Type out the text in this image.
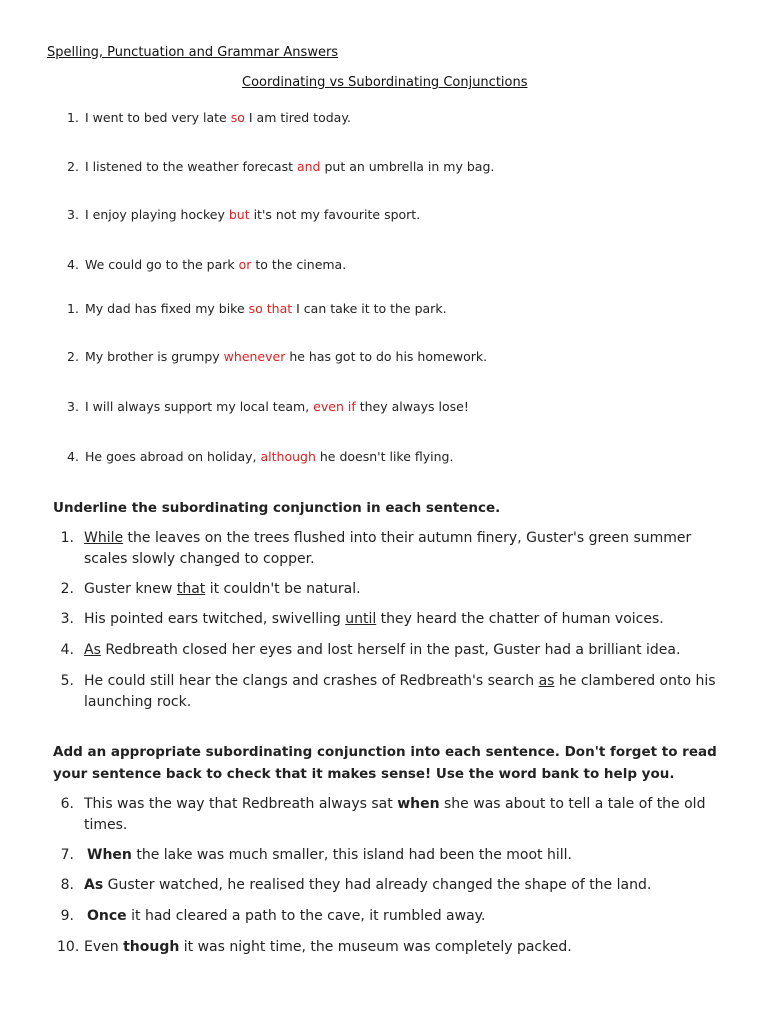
Spelling, Punctuation and Grammar Answers
Coordinating vs Subordinating Conjunctions
1. I went to bed very late so I am tired today.
2. I listened to the weather forecast and put an umbrella in my bag.
3. I enjoy playing hockey but it's not my favourite sport.
4. We could go to the park or to the cinema.
1. My dad has fixed my bike so that I can take it to the park.
2. My brother is grumpy whenever he has got to do his homework.
3. I will always support my local team, even if they always lose!
4. He goes abroad on holiday, although he doesn't like flying.
Underline the subordinating conjunction in each sentence.
1. While the leaves on the trees flushed into their autumn finery, Guster's green summer scales slowly changed to copper.
2. Guster knew that it couldn't be natural.
3. His pointed ears twitched, swivelling until they heard the chatter of human voices.
4. As Redbreath closed her eyes and lost herself in the past, Guster had a brilliant idea.
5. He could still hear the clangs and crashes of Redbreath's search as he clambered onto his launching rock.
Add an appropriate subordinating conjunction into each sentence. Don't forget to read your sentence back to check that it makes sense! Use the word bank to help you.
6. This was the way that Redbreath always sat when she was about to tell a tale of the old times.
7. When the lake was much smaller, this island had been the moot hill.
8. As Guster watched, he realised they had already changed the shape of the land.
9. Once it had cleared a path to the cave, it rumbled away.
10. Even though it was night time, the museum was completely packed.
